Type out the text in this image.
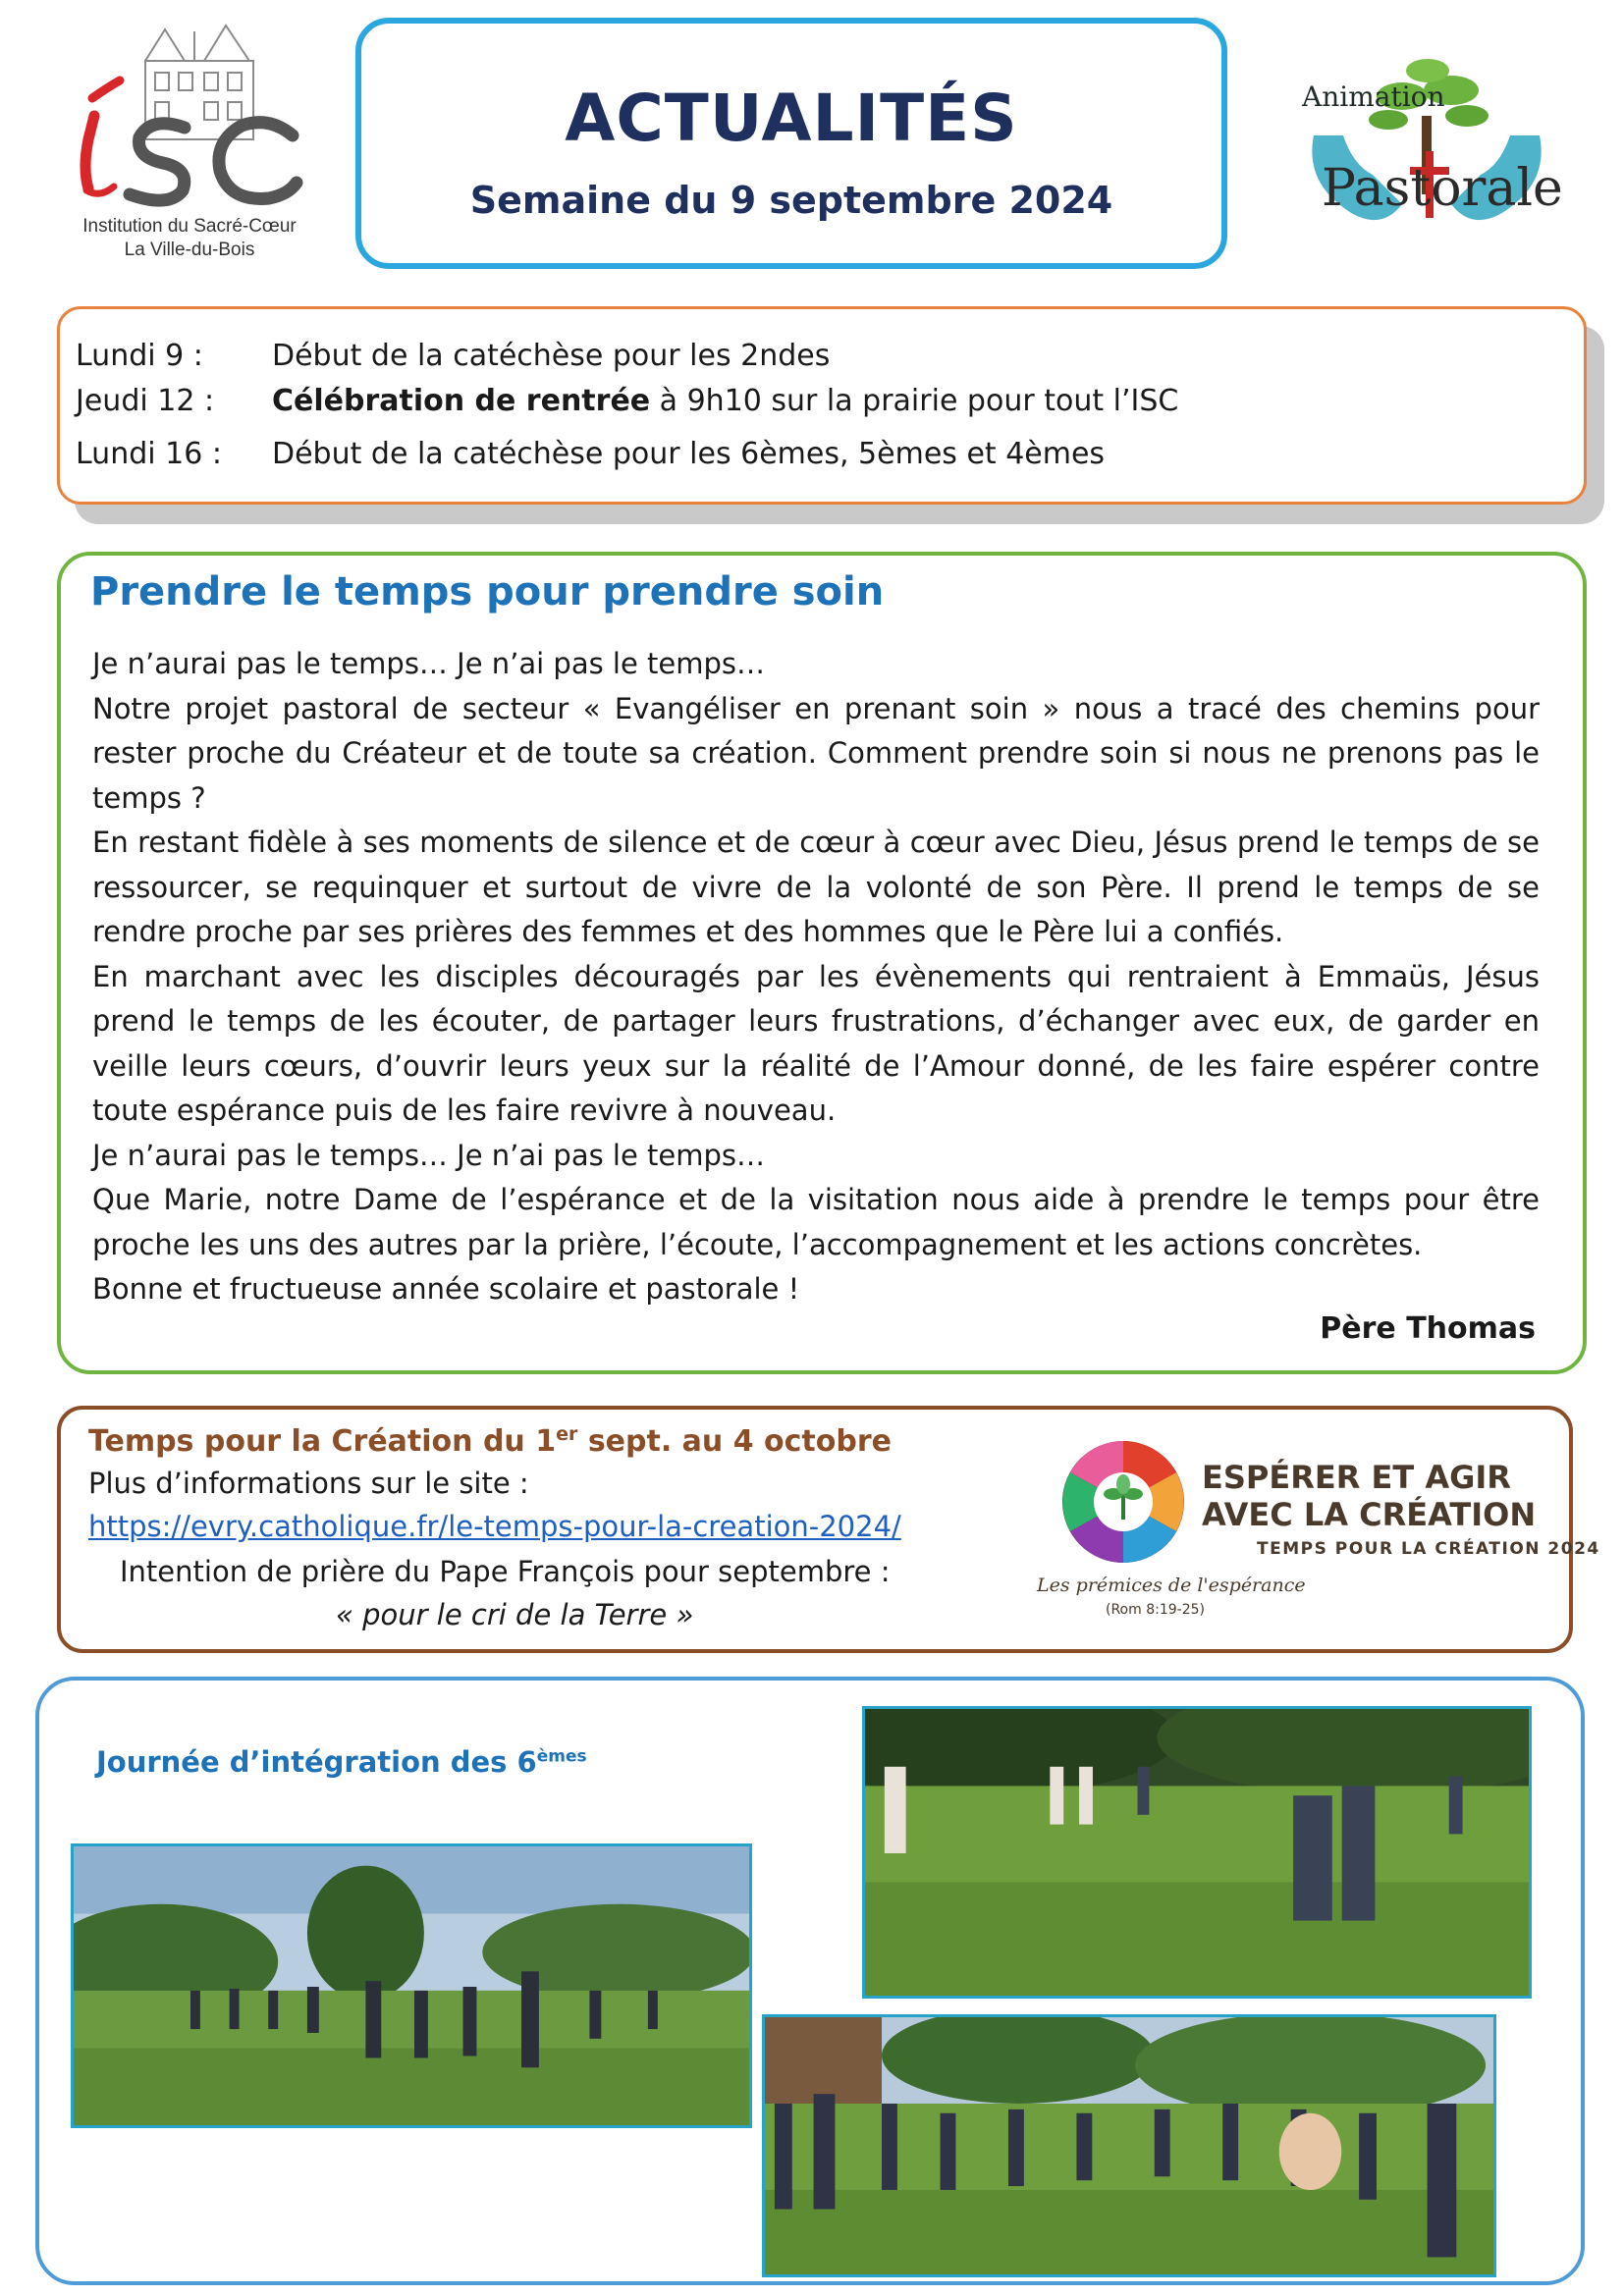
Institution du Sacré-Cœur
La Ville-du-Bois
ACTUALITÉS
Semaine du 9 septembre 2024
Animation
Pastorale
Lundi 9 :	Début de la catéchèse pour les 2ndes
Jeudi 12 :	Célébration de rentrée à 9h10 sur la prairie pour tout l’ISC
Lundi 16 :	Début de la catéchèse pour les 6èmes, 5èmes et 4èmes
Prendre le temps pour prendre soin

Je n’aurai pas le temps… Je n’ai pas le temps…

Notre projet pastoral de secteur « Evangéliser en prenant soin » nous a tracé des chemins pour rester proche du Créateur et de toute sa création. Comment prendre soin si nous ne prenons pas le temps ?

En restant fidèle à ses moments de silence et de cœur à cœur avec Dieu, Jésus prend le temps de se ressourcer, se requinquer et surtout de vivre de la volonté de son Père. Il prend le temps de se rendre proche par ses prières des femmes et des hommes que le Père lui a confiés.

En marchant avec les disciples découragés par les évènements qui rentraient à Emmaüs, Jésus prend le temps de les écouter, de partager leurs frustrations, d’échanger avec eux, de garder en veille leurs cœurs, d’ouvrir leurs yeux sur la réalité de l’Amour donné, de les faire espérer contre toute espérance puis de les faire revivre à nouveau.

Je n’aurai pas le temps… Je n’ai pas le temps…

Que Marie, notre Dame de l’espérance et de la visitation nous aide à prendre le temps pour être proche les uns des autres par la prière, l’écoute, l’accompagnement et les actions concrètes.

Bonne et fructueuse année scolaire et pastorale !

Père Thomas
Temps pour la Création du 1er sept. au 4 octobre
Plus d’informations sur le site :
https://evry.catholique.fr/le-temps-pour-la-creation-2024/
Intention de prière du Pape François pour septembre :
« pour le cri de la Terre »
ESPÉRER ET AGIR
AVEC LA CRÉATION
TEMPS POUR LA CRÉATION 2024
Les prémices de l'espérance
(Rom 8:19-25)
Journée d’intégration des 6èmes
